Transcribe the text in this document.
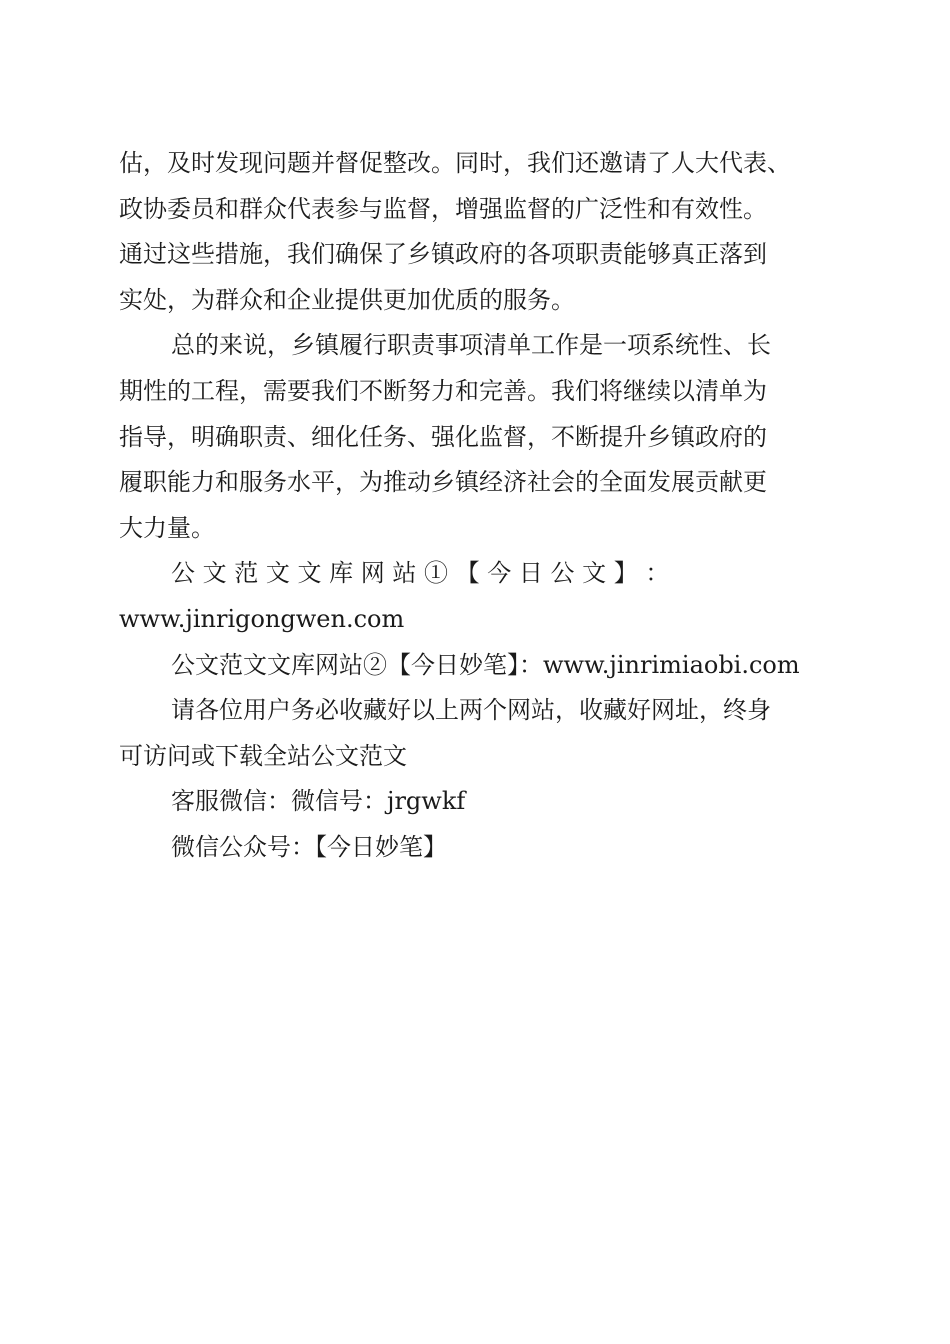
估，及时发现问题并督促整改。同时，我们还邀请了人大代表、
政协委员和群众代表参与监督，增强监督的广泛性和有效性。
通过这些措施，我们确保了乡镇政府的各项职责能够真正落到
实处，为群众和企业提供更加优质的服务。
总的来说，乡镇履行职责事项清单工作是一项系统性、长
期性的工程，需要我们不断努力和完善。我们将继续以清单为
指导，明确职责、细化任务、强化监督，不断提升乡镇政府的
履职能力和服务水平，为推动乡镇经济社会的全面发展贡献更
大力量。
公 文 范 文 文 库 网 站 ① 【 今 日 公 文 】 ：
www.jinrigongwen.com
公文范文文库网站②【今日妙笔】：www.jinrimiaobi.com
请各位用户务必收藏好以上两个网站，收藏好网址，终身
可访问或下载全站公文范文
客服微信：微信号：jrgwkf
微信公众号：【今日妙笔】
